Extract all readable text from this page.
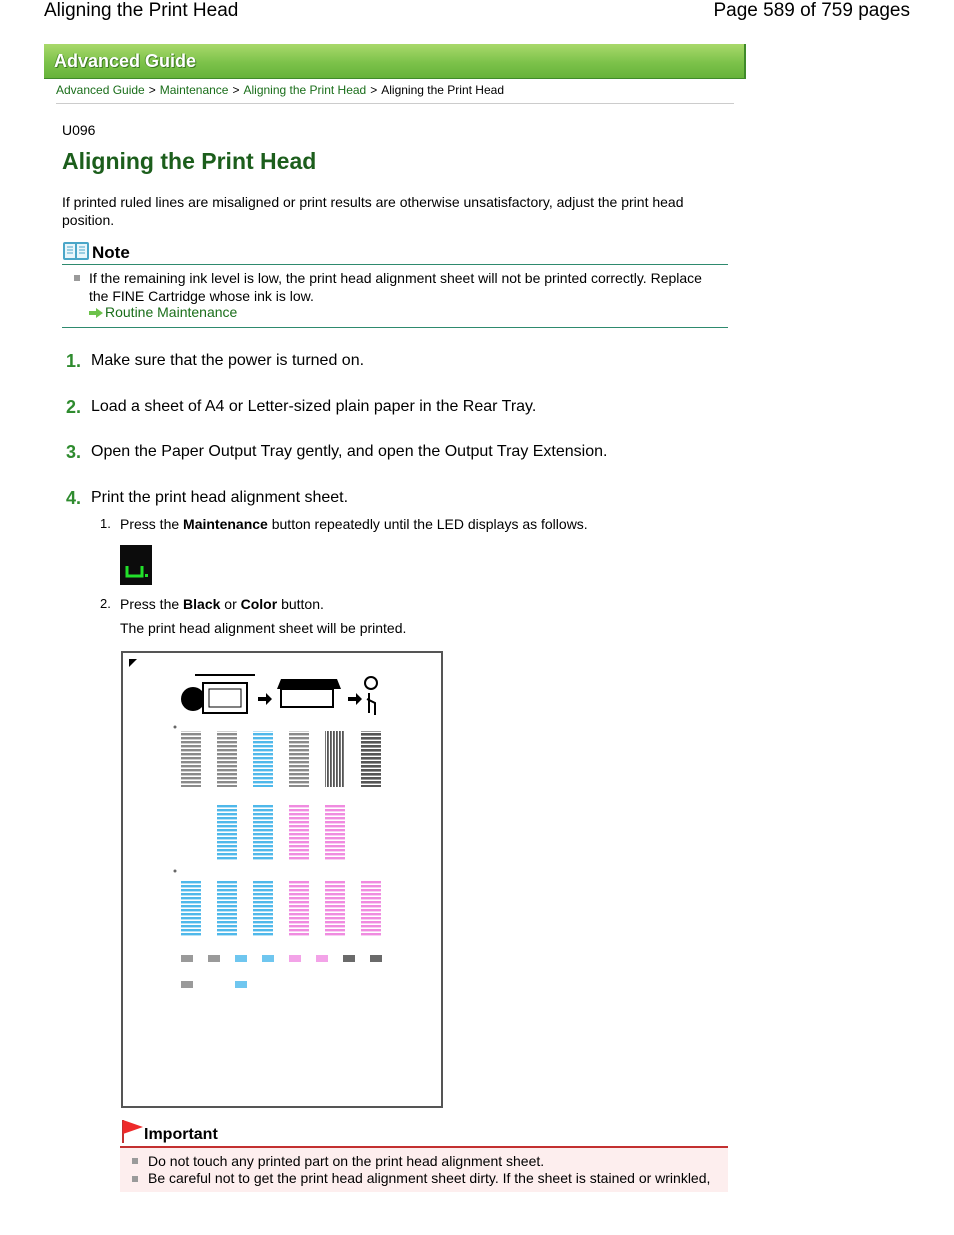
Aligning the Print Head	Page 589 of 759 pages
Advanced Guide
Advanced Guide > Maintenance > Aligning the Print Head > Aligning the Print Head
U096
Aligning the Print Head
If printed ruled lines are misaligned or print results are otherwise unsatisfactory, adjust the print head position.
Note
If the remaining ink level is low, the print head alignment sheet will not be printed correctly. Replace the FINE Cartridge whose ink is low.
Routine Maintenance
1. Make sure that the power is turned on.
2. Load a sheet of A4 or Letter-sized plain paper in the Rear Tray.
3. Open the Paper Output Tray gently, and open the Output Tray Extension.
4. Print the print head alignment sheet.
1. Press the Maintenance button repeatedly until the LED displays as follows.
2. Press the Black or Color button.
The print head alignment sheet will be printed.
Important
Do not touch any printed part on the print head alignment sheet.
Be careful not to get the print head alignment sheet dirty. If the sheet is stained or wrinkled,
